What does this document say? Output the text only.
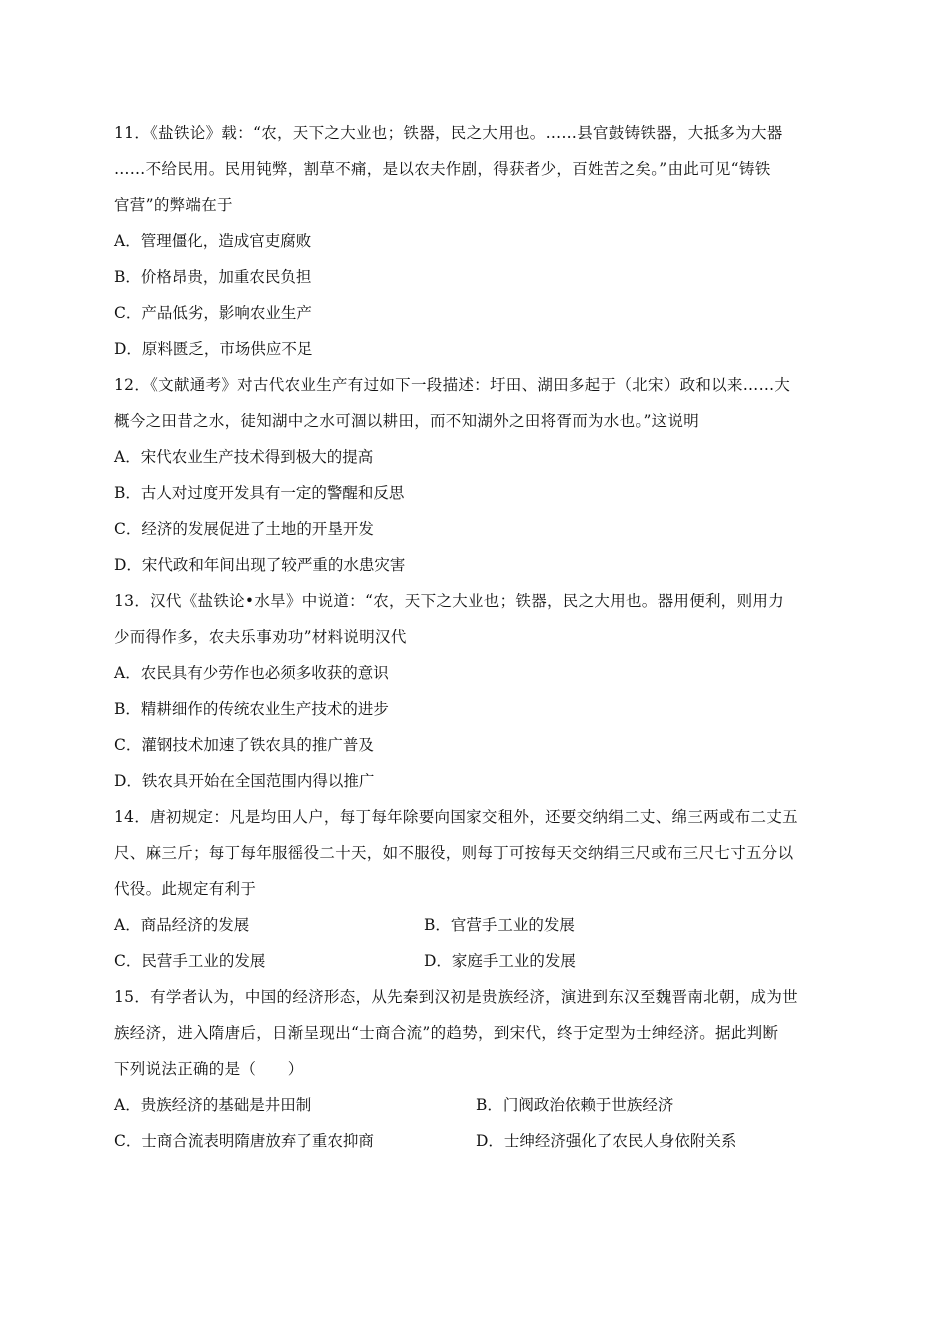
11．《盐铁论》载：“农，天下之大业也；铁器，民之大用也。……县官鼓铸铁器，大抵多为大器

……不给民用。民用钝弊，割草不痛，是以农夫作剧，得获者少，百姓苦之矣。”由此可见“铸铁

官营”的弊端在于

A．管理僵化，造成官吏腐败

B．价格昂贵，加重农民负担

C．产品低劣，影响农业生产

D．原料匮乏，市场供应不足

12．《文献通考》对古代农业生产有过如下一段描述：圩田、湖田多起于（北宋）政和以来……大

概今之田昔之水，徒知湖中之水可涸以耕田，而不知湖外之田将胥而为水也。”这说明

A．宋代农业生产技术得到极大的提高

B．古人对过度开发具有一定的警醒和反思

C．经济的发展促进了土地的开垦开发

D．宋代政和年间出现了较严重的水患灾害

13．汉代《盐铁论•水旱》中说道：“农，天下之大业也；铁器，民之大用也。器用便利，则用力

少而得作多，农夫乐事劝功”材料说明汉代

A．农民具有少劳作也必须多收获的意识

B．精耕细作的传统农业生产技术的进步

C．灌钢技术加速了铁农具的推广普及

D．铁农具开始在全国范围内得以推广

14．唐初规定：凡是均田人户，每丁每年除要向国家交租外，还要交纳绢二丈、绵三两或布二丈五

尺、麻三斤；每丁每年服徭役二十天，如不服役，则每丁可按每天交纳绢三尺或布三尺七寸五分以

代役。此规定有利于

A．商品经济的发展	B．官营手工业的发展

C．民营手工业的发展	D．家庭手工业的发展

15．有学者认为，中国的经济形态，从先秦到汉初是贵族经济，演进到东汉至魏晋南北朝，成为世

族经济，进入隋唐后，日渐呈现出“士商合流”的趋势，到宋代，终于定型为士绅经济。据此判断

下列说法正确的是（　　）

A．贵族经济的基础是井田制	B．门阀政治依赖于世族经济

C．士商合流表明隋唐放弃了重农抑商	D．士绅经济强化了农民人身依附关系
